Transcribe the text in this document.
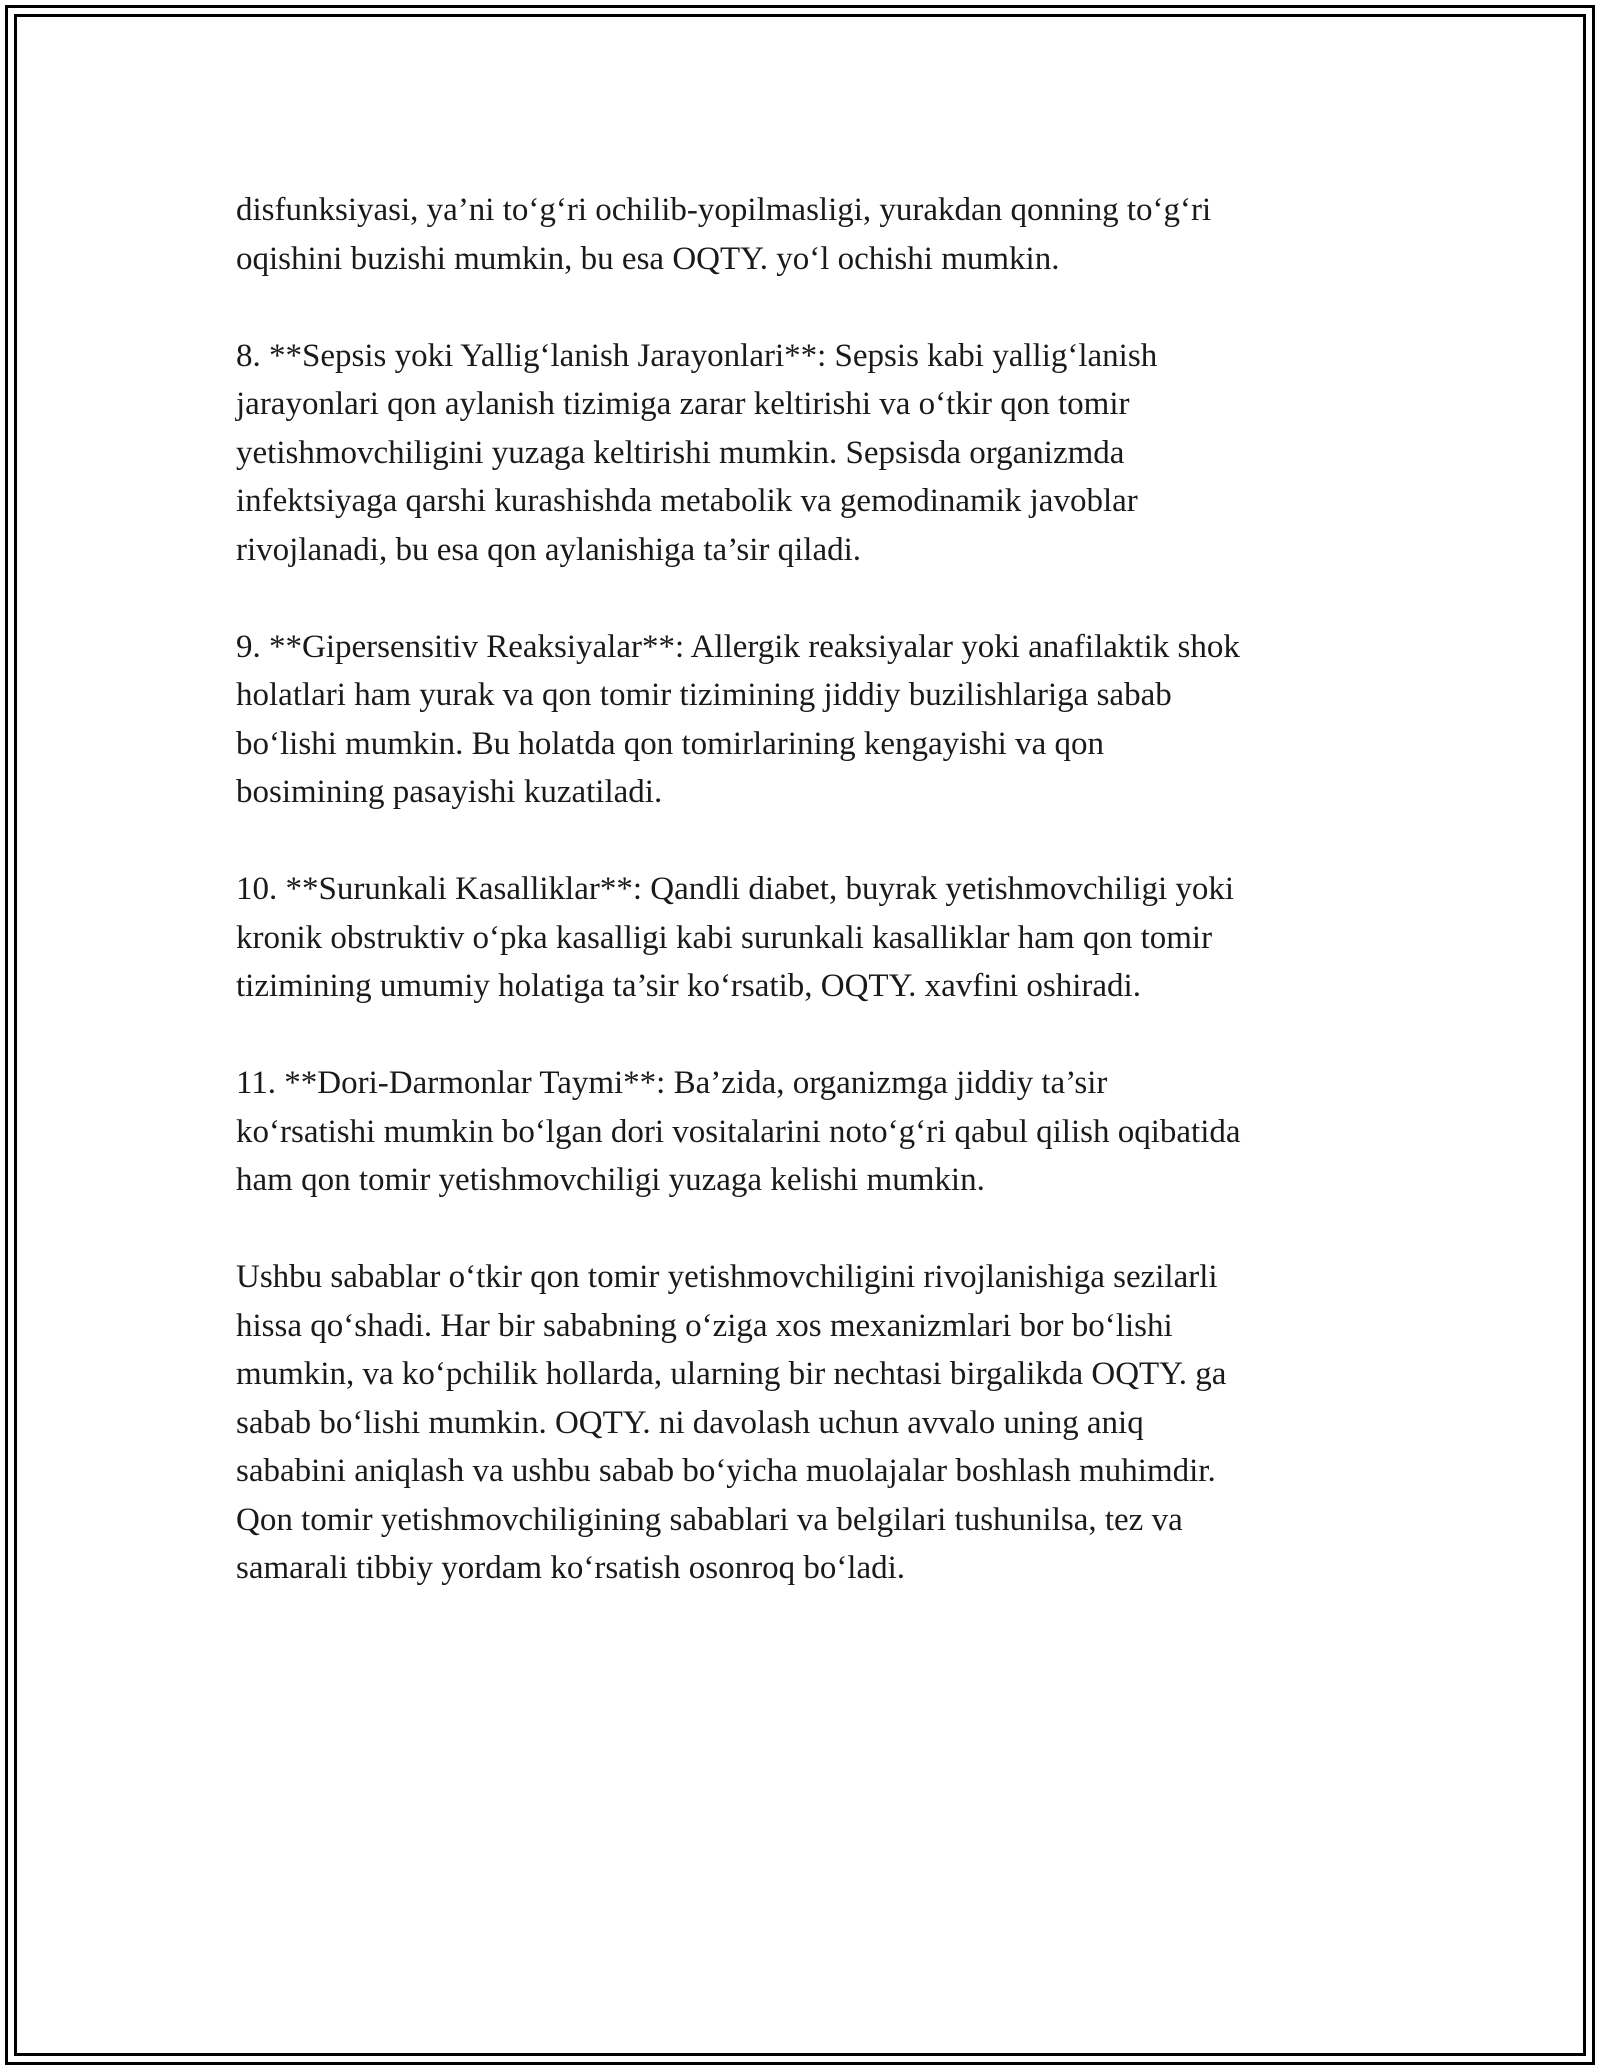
disfunksiyasi, ya’ni to‘g‘ri ochilib-yopilmasligi, yurakdan qonning to‘g‘ri
oqishini buzishi mumkin, bu esa OQTY. yo‘l ochishi mumkin.

8. **Sepsis yoki Yallig‘lanish Jarayonlari**: Sepsis kabi yallig‘lanish
jarayonlari qon aylanish tizimiga zarar keltirishi va o‘tkir qon tomir
yetishmovchiligini yuzaga keltirishi mumkin. Sepsisda organizmda
infektsiyaga qarshi kurashishda metabolik va gemodinamik javoblar
rivojlanadi, bu esa qon aylanishiga ta’sir qiladi.

9. **Gipersensitiv Reaksiyalar**: Allergik reaksiyalar yoki anafilaktik shok
holatlari ham yurak va qon tomir tizimining jiddiy buzilishlariga sabab
bo‘lishi mumkin. Bu holatda qon tomirlarining kengayishi va qon
bosimining pasayishi kuzatiladi.

10. **Surunkali Kasalliklar**: Qandli diabet, buyrak yetishmovchiligi yoki
kronik obstruktiv o‘pka kasalligi kabi surunkali kasalliklar ham qon tomir
tizimining umumiy holatiga ta’sir ko‘rsatib, OQTY. xavfini oshiradi.

11. **Dori-Darmonlar Taymi**: Ba’zida, organizmga jiddiy ta’sir
ko‘rsatishi mumkin bo‘lgan dori vositalarini noto‘g‘ri qabul qilish oqibatida
ham qon tomir yetishmovchiligi yuzaga kelishi mumkin.

Ushbu sabablar o‘tkir qon tomir yetishmovchiligini rivojlanishiga sezilarli
hissa qo‘shadi. Har bir sababning o‘ziga xos mexanizmlari bor bo‘lishi
mumkin, va ko‘pchilik hollarda, ularning bir nechtasi birgalikda OQTY. ga
sabab bo‘lishi mumkin. OQTY. ni davolash uchun avvalo uning aniq
sababini aniqlash va ushbu sabab bo‘yicha muolajalar boshlash muhimdir.
Qon tomir yetishmovchiligining sabablari va belgilari tushunilsa, tez va
samarali tibbiy yordam ko‘rsatish osonroq bo‘ladi.
